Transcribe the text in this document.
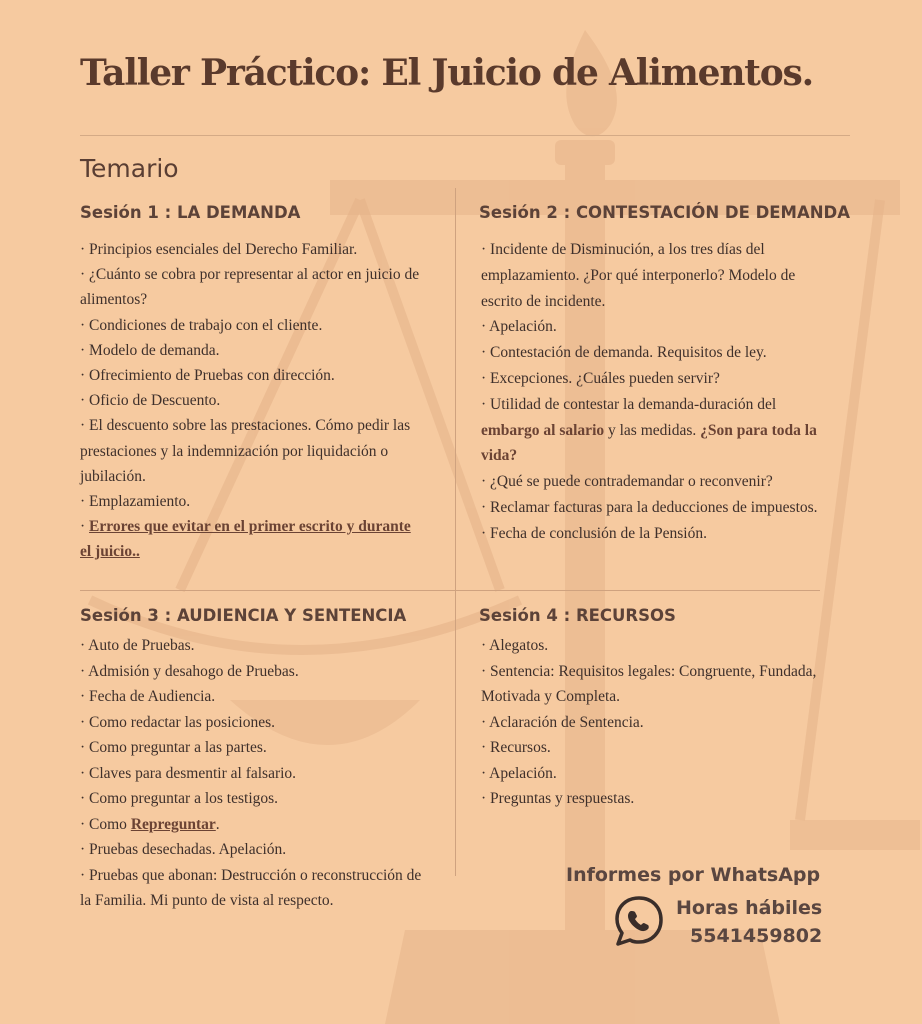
Taller Práctico: El Juicio de Alimentos.
Temario
Sesión 1 : LA DEMANDA
· Principios esenciales del Derecho Familiar.
· ¿Cuánto se cobra por representar al actor en juicio de alimentos?
· Condiciones de trabajo con el cliente.
· Modelo de demanda.
· Ofrecimiento de Pruebas con dirección.
· Oficio de Descuento.
· El descuento sobre las prestaciones. Cómo pedir las prestaciones y la indemnización por liquidación o jubilación.
· Emplazamiento.
· Errores que evitar en el primer escrito y durante el juicio..
Sesión 2 : CONTESTACIÓN DE DEMANDA
· Incidente de Disminución, a los tres días del emplazamiento. ¿Por qué interponerlo? Modelo de escrito de incidente.
· Apelación.
· Contestación de demanda. Requisitos de ley.
· Excepciones. ¿Cuáles pueden servir?
· Utilidad de contestar la demanda-duración del embargo al salario y las medidas. ¿Son para toda la vida?
· ¿Qué se puede contrademandar o reconvenir?
· Reclamar facturas para la deducciones de impuestos.
· Fecha de conclusión de la Pensión.
Sesión 3 : AUDIENCIA Y SENTENCIA
· Auto de Pruebas.
· Admisión y desahogo de Pruebas.
· Fecha de Audiencia.
· Como redactar las posiciones.
· Como preguntar a las partes.
· Claves para desmentir al falsario.
· Como preguntar a los testigos.
· Como Repreguntar.
· Pruebas desechadas. Apelación.
· Pruebas que abonan: Destrucción o reconstrucción de la Familia. Mi punto de vista al respecto.
Sesión 4 : RECURSOS
· Alegatos.
· Sentencia: Requisitos legales: Congruente, Fundada, Motivada y Completa.
· Aclaración de Sentencia.
· Recursos.
· Apelación.
· Preguntas y respuestas.
Informes por WhatsApp
Horas hábiles
5541459802
